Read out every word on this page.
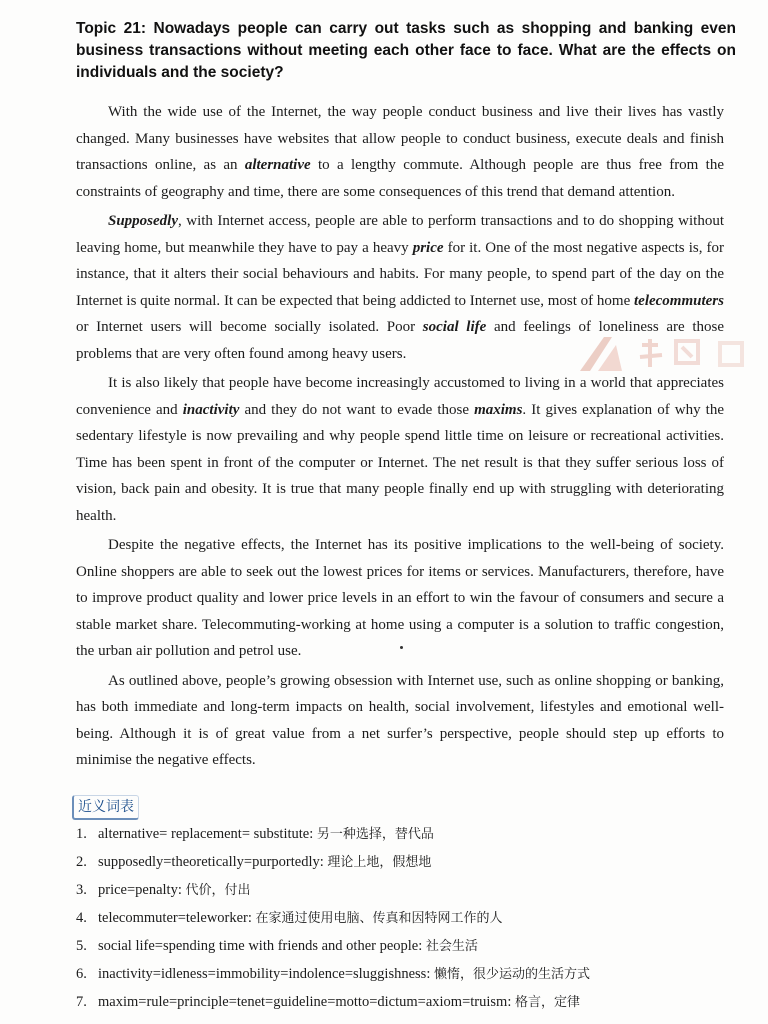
Topic 21: Nowadays people can carry out tasks such as shopping and banking even business transactions without meeting each other face to face. What are the effects on individuals and the society?

With the wide use of the Internet, the way people conduct business and live their lives has vastly changed. Many businesses have websites that allow people to conduct business, execute deals and finish transactions online, as an alternative to a lengthy commute. Although people are thus free from the constraints of geography and time, there are some consequences of this trend that demand attention.

Supposedly, with Internet access, people are able to perform transactions and to do shopping without leaving home, but meanwhile they have to pay a heavy price for it. One of the most negative aspects is, for instance, that it alters their social behaviours and habits. For many people, to spend part of the day on the Internet is quite normal. It can be expected that being addicted to Internet use, most of home telecommuters or Internet users will become socially isolated. Poor social life and feelings of loneliness are those problems that are very often found among heavy users.

It is also likely that people have become increasingly accustomed to living in a world that appreciates convenience and inactivity and they do not want to evade those maxims. It gives explanation of why the sedentary lifestyle is now prevailing and why people spend little time on leisure or recreational activities. Time has been spent in front of the computer or Internet. The net result is that they suffer serious loss of vision, back pain and obesity. It is true that many people finally end up with struggling with deteriorating health.

Despite the negative effects, the Internet has its positive implications to the well-being of society. Online shoppers are able to seek out the lowest prices for items or services. Manufacturers, therefore, have to improve product quality and lower price levels in an effort to win the favour of consumers and secure a stable market share. Telecommuting-working at home using a computer is a solution to traffic congestion, the urban air pollution and petrol use.

As outlined above, people’s growing obsession with Internet use, such as online shopping or banking, has both immediate and long-term impacts on health, social involvement, lifestyles and emotional well-being. Although it is of great value from a net surfer’s perspective, people should step up efforts to minimise the negative effects.

近义词表
1. alternative= replacement= substitute: 另一种选择，替代品
2. supposedly=theoretically=purportedly: 理论上地，假想地
3. price=penalty: 代价，付出
4. telecommuter=teleworker: 在家通过使用电脑、传真和因特网工作的人
5. social life=spending time with friends and other people: 社会生活
6. inactivity=idleness=immobility=indolence=sluggishness: 懒惰，很少运动的生活方式
7. maxim=rule=principle=tenet=guideline=motto=dictum=axiom=truism: 格言，定律
